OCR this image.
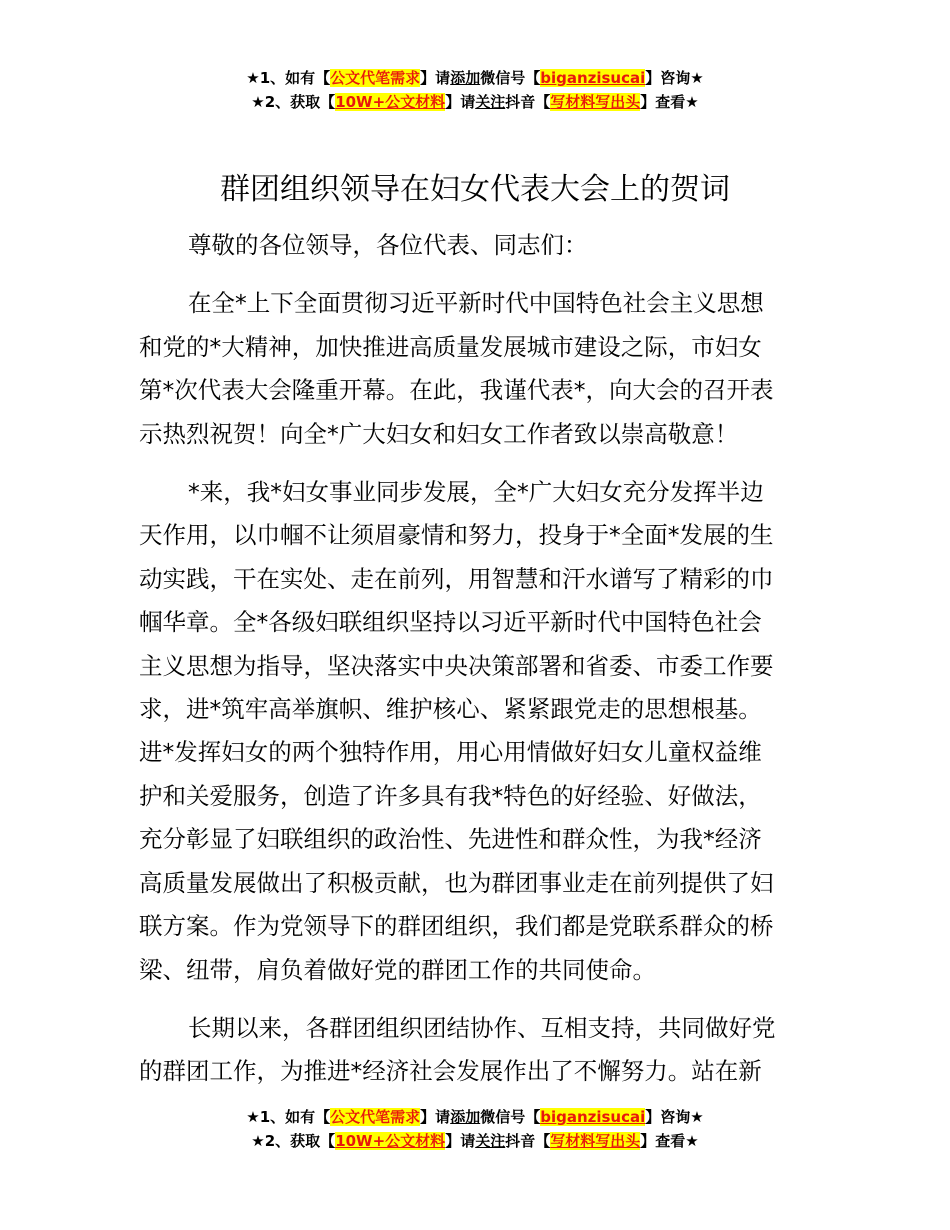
★1、如有【公文代笔需求】请添加微信号【biganzisucai】咨询★
★2、获取【10W+公文材料】请关注抖音【写材料写出头】查看★
群团组织领导在妇女代表大会上的贺词

尊敬的各位领导，各位代表、同志们：

在全*上下全面贯彻习近平新时代中国特色社会主义思想
和党的*大精神，加快推进高质量发展城市建设之际，市妇女
第*次代表大会隆重开幕。在此，我谨代表*，向大会的召开表
示热烈祝贺！向全*广大妇女和妇女工作者致以崇高敬意！

*来，我*妇女事业同步发展，全*广大妇女充分发挥半边
天作用，以巾帼不让须眉豪情和努力，投身于*全面*发展的生
动实践，干在实处、走在前列，用智慧和汗水谱写了精彩的巾
帼华章。全*各级妇联组织坚持以习近平新时代中国特色社会
主义思想为指导，坚决落实中央决策部署和省委、市委工作要
求，进*筑牢高举旗帜、维护核心、紧紧跟党走的思想根基。
进*发挥妇女的两个独特作用，用心用情做好妇女儿童权益维
护和关爱服务，创造了许多具有我*特色的好经验、好做法，
充分彰显了妇联组织的政治性、先进性和群众性，为我*经济
高质量发展做出了积极贡献，也为群团事业走在前列提供了妇
联方案。作为党领导下的群团组织，我们都是党联系群众的桥
梁、纽带，肩负着做好党的群团工作的共同使命。

长期以来，各群团组织团结协作、互相支持，共同做好党
的群团工作，为推进*经济社会发展作出了不懈努力。站在新

★1、如有【公文代笔需求】请添加微信号【biganzisucai】咨询★
★2、获取【10W+公文材料】请关注抖音【写材料写出头】查看★
